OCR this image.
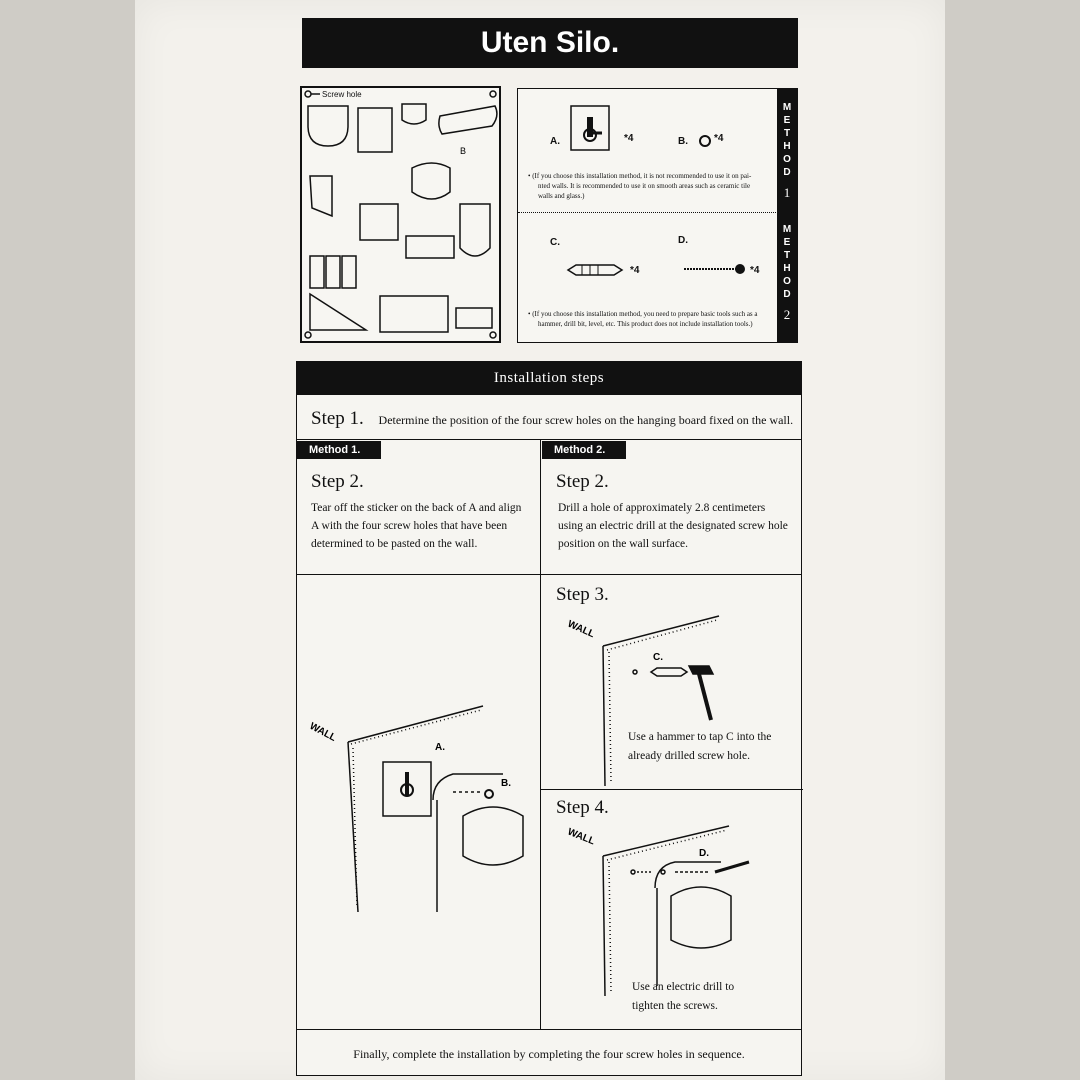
Uten Silo.
Screw hole
B
M
E
T
H
O
D
1
M
E
T
H
O
D
2
A.	*4	B.	*4
• (If you choose this installation method, it is not recommended to use it on pai-
nted walls. It is recommended to use it on smooth areas such as ceramic tile
walls and glass.)
C.
*4
D.
*4
• (If you choose this installation method, you need to prepare basic tools such as a
hammer, drill bit, level, etc. This product does not include installation tools.)
Installation steps
Step 1. Determine the position of the four screw holes on the hanging board fixed on the wall.
Method 1.	Method 2.
Step 2.
Tear off the sticker on the back of A and align
A with the four screw holes that have been
determined to be pasted on the wall.
Step 2.
Drill a hole of approximately 2.8 centimeters
using an electric drill at the designated screw hole
position on the wall surface.
WALL
A.
B.
Step 3.
WALL
C.
Use a hammer to tap C into the
already drilled screw hole.
Step 4.
WALL
D.
Use an electric drill to
tighten the screws.
Finally, complete the installation by completing the four screw holes in sequence.
